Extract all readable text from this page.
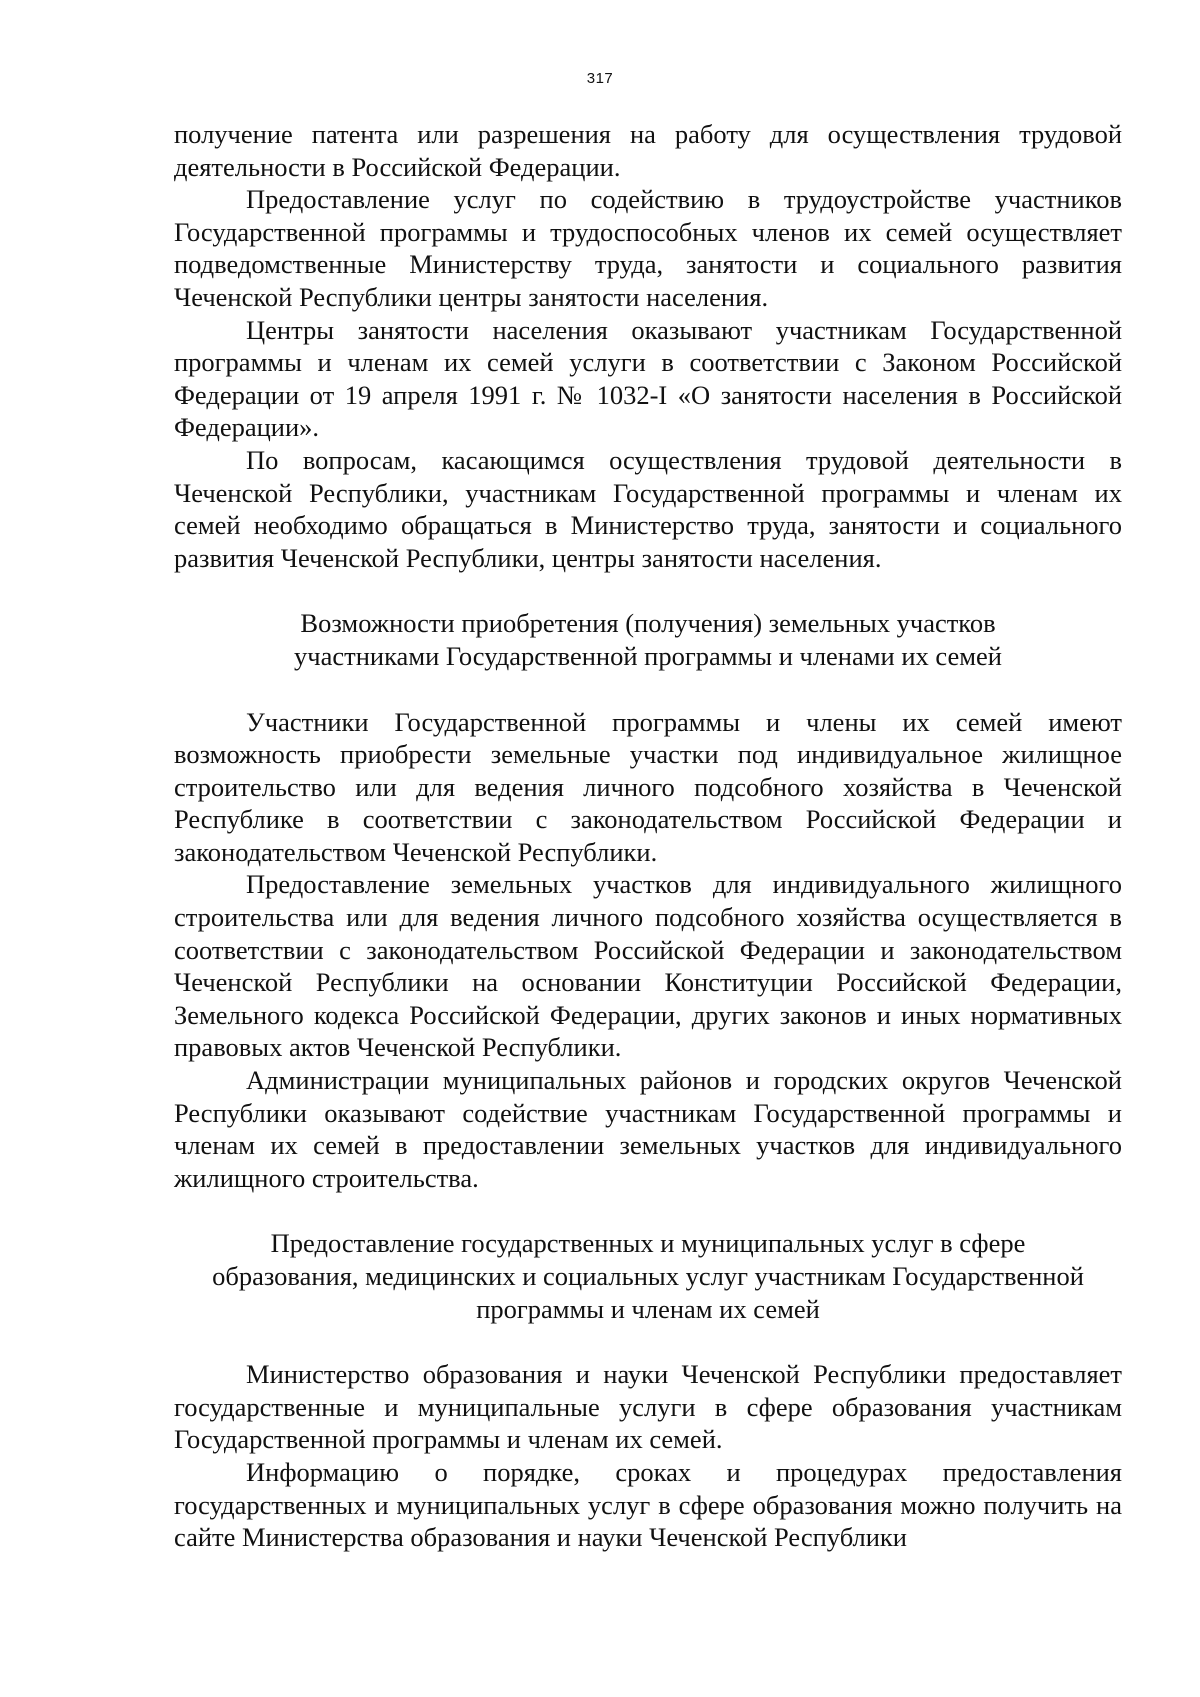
317

получение патента или разрешения на работу для осуществления трудовой деятельности в Российской Федерации.

Предоставление услуг по содействию в трудоустройстве участников Государственной программы и трудоспособных членов их семей осуществляет подведомственные Министерству труда, занятости и социального развития Чеченской Республики центры занятости населения.

Центры занятости населения оказывают участникам Государственной программы и членам их семей услуги в соответствии с Законом Российской Федерации от 19 апреля 1991 г. № 1032-I «О занятости населения в Российской Федерации».

По вопросам, касающимся осуществления трудовой деятельности в Чеченской Республики, участникам Государственной программы и членам их семей необходимо обращаться в Министерство труда, занятости и социального развития Чеченской Республики, центры занятости населения.

Возможности приобретения (получения) земельных участков
участниками Государственной программы и членами их семей

Участники Государственной программы и члены их семей имеют возможность приобрести земельные участки под индивидуальное жилищное строительство или для ведения личного подсобного хозяйства в Чеченской Республике в соответствии с законодательством Российской Федерации и законодательством Чеченской Республики.

Предоставление земельных участков для индивидуального жилищного строительства или для ведения личного подсобного хозяйства осуществляется в соответствии с законодательством Российской Федерации и законодательством Чеченской Республики на основании Конституции Российской Федерации, Земельного кодекса Российской Федерации, других законов и иных нормативных правовых актов Чеченской Республики.

Администрации муниципальных районов и городских округов Чеченской Республики оказывают содействие участникам Государственной программы и членам их семей в предоставлении земельных участков для индивидуального жилищного строительства.

Предоставление государственных и муниципальных услуг в сфере
образования, медицинских и социальных услуг участникам Государственной
программы и членам их семей

Министерство образования и науки Чеченской Республики предоставляет государственные и муниципальные услуги в сфере образования участникам Государственной программы и членам их семей.

Информацию о порядке, сроках и процедурах предоставления государственных и муниципальных услуг в сфере образования можно получить на сайте Министерства образования и науки Чеченской Республики
